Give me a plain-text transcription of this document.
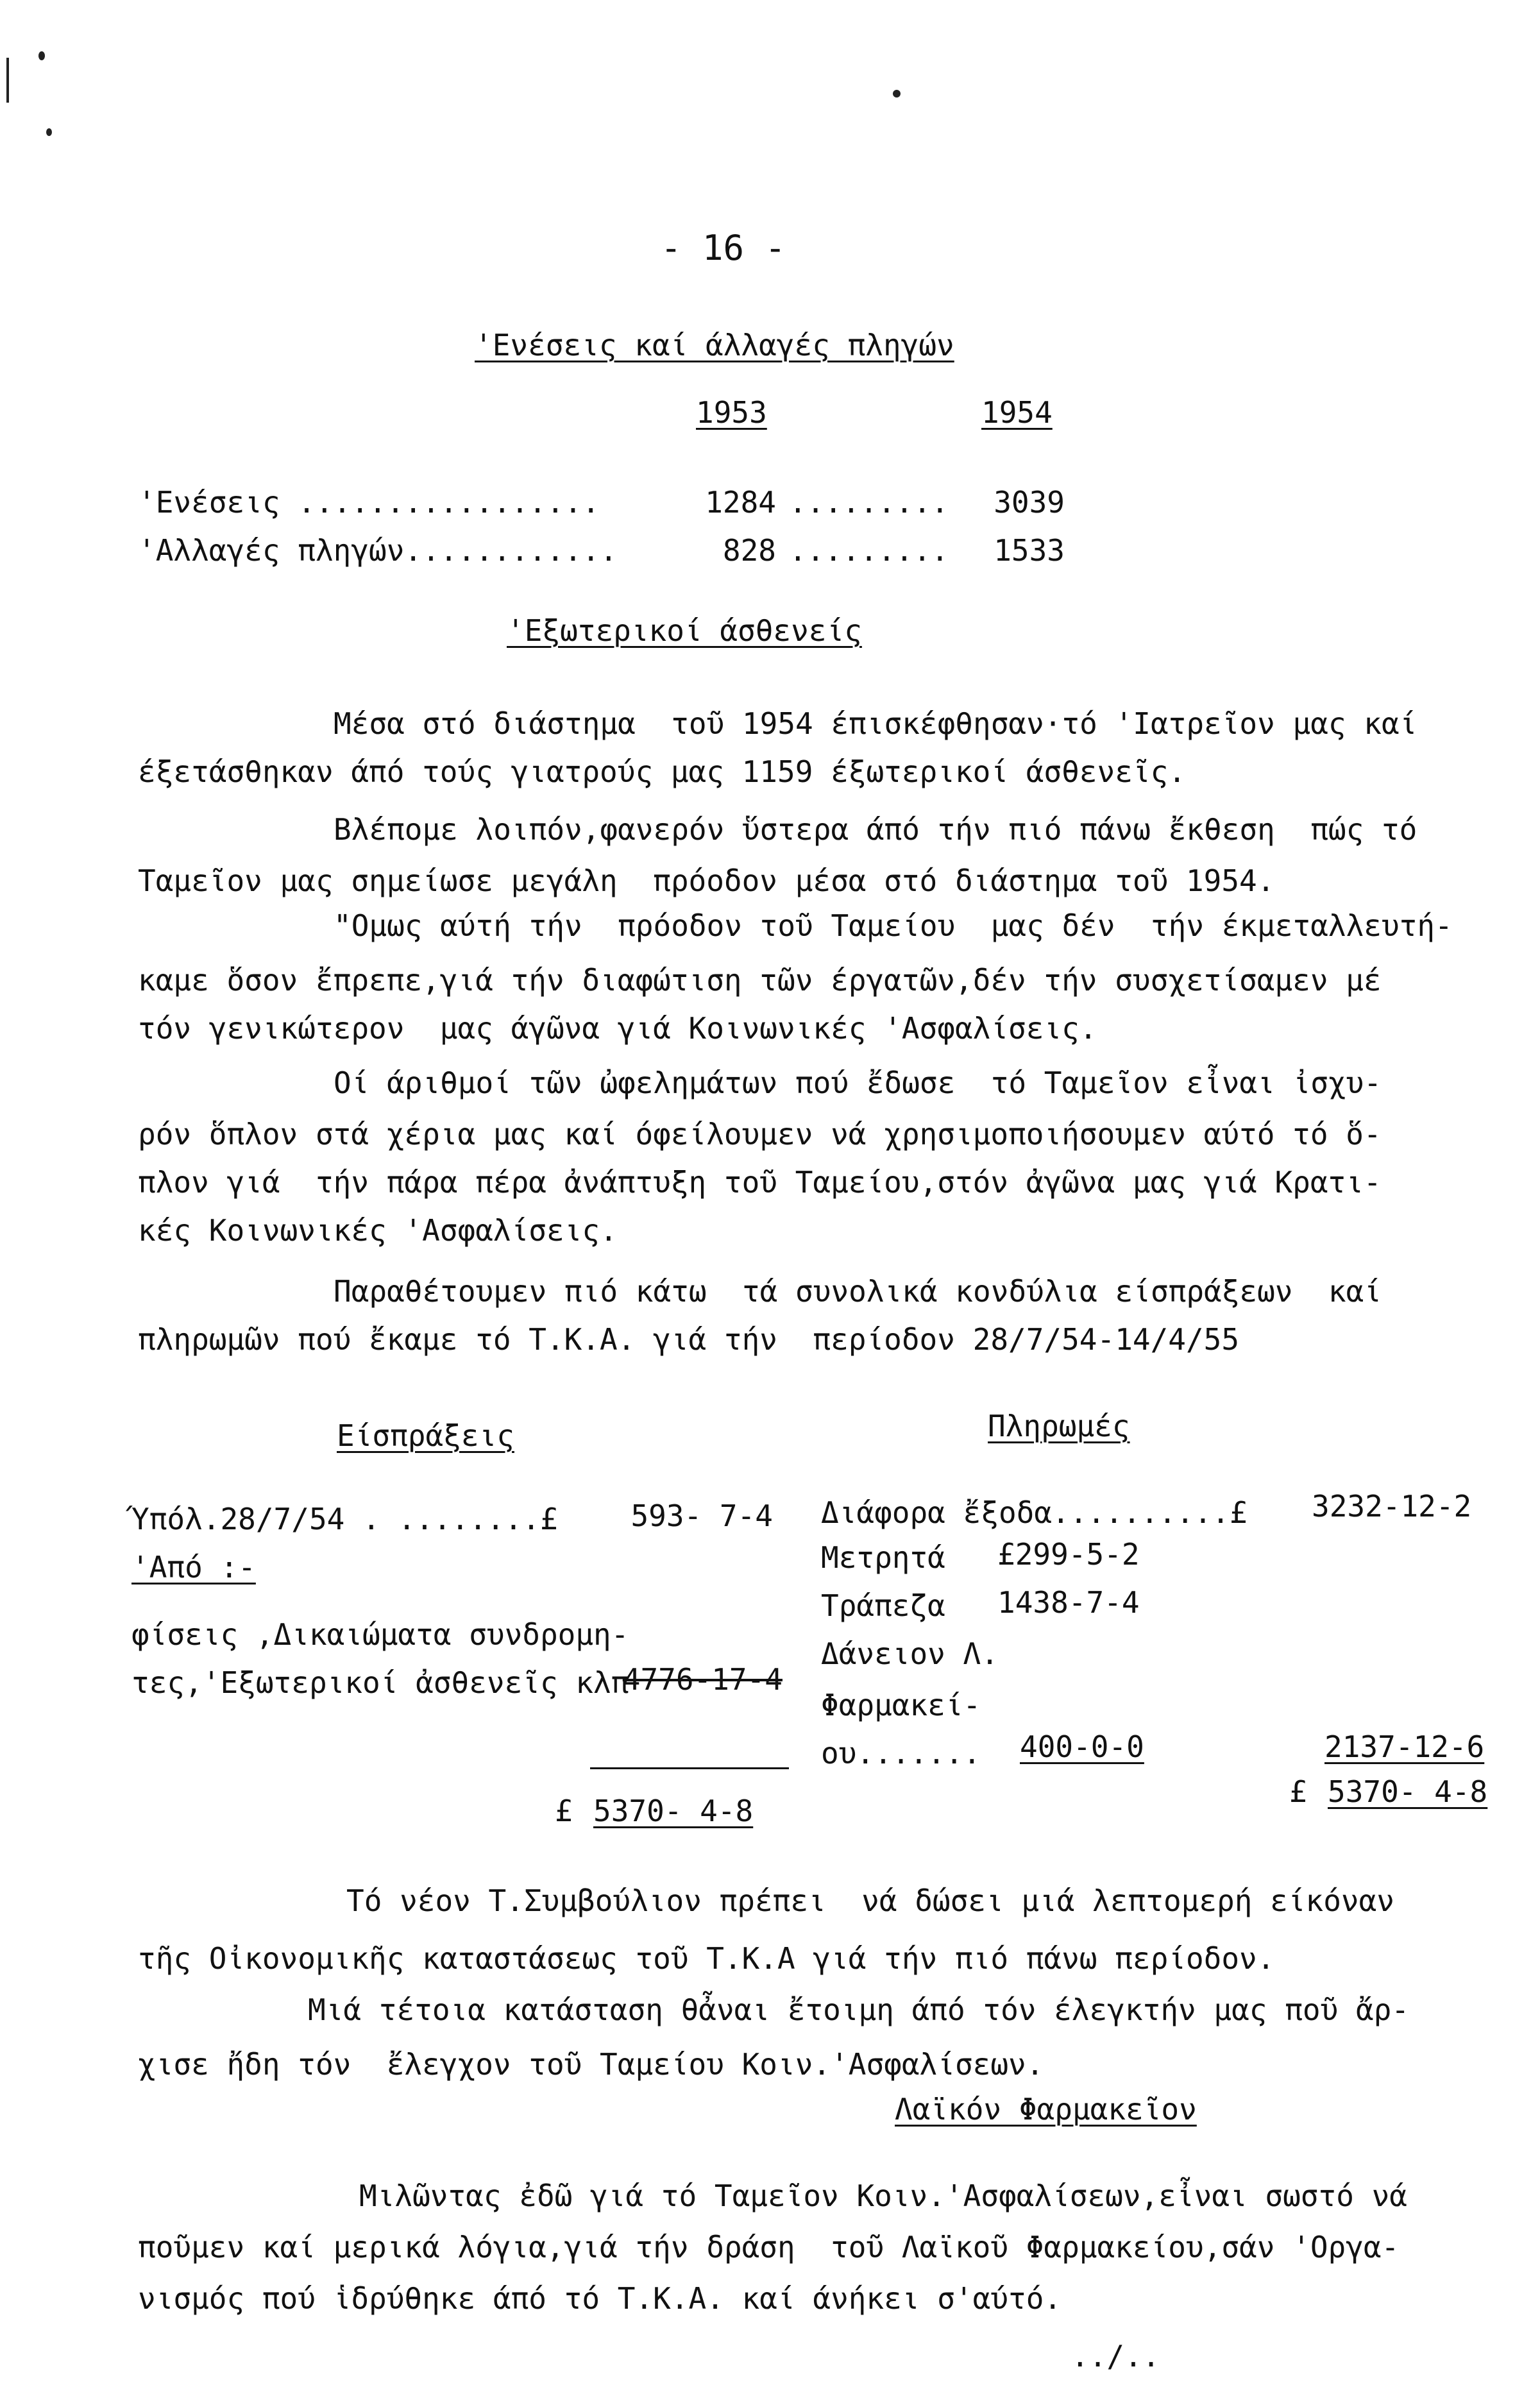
- 16 -
'Ενέσεις καί άλλαγές πληγών
1953	1954
'Ενέσεις .................	1284 .........	3039
'Αλλαγές πληγών............	828 .........	1533
'Εξωτερικοί άσθενείς
Μέσα στό διάστημα  τοῦ 1954 έπισκέφθησαν·τό 'Ιατρεῖον μας καί
έξετάσθηκαν άπό τούς γιατρούς μας 1159 έξωτερικοί άσθενεῖς.
Βλέπομε λοιπόν,φανερόν ὕστερα άπό τήν πιό πάνω ἔκθεση  πώς τό
Ταμεῖον μας σημείωσε μεγάλη  πρόοδον μέσα στό διάστημα τοῦ 1954.
"Ομως αύτή τήν  πρόοδον τοῦ Ταμείου  μας δέν  τήν έκμεταλλευτή-
καμε ὅσον ἔπρεπε,γιά τήν διαφώτιση τῶν έργατῶν,δέν τήν συσχετίσαμεν μέ
τόν γενικώτερον  μας άγῶνα γιά Κοινωνικές 'Ασφαλίσεις.
Οί άριθμοί τῶν ὠφελημάτων πού ἔδωσε  τό Ταμεῖον εἶναι ἰσχυ-
ρόν ὅπλον στά χέρια μας καί όφείλουμεν νά χρησιμοποιήσουμεν αύτό τό ὅ-
πλον γιά  τήν πάρα πέρα ἀνάπτυξη τοῦ Ταμείου,στόν ἀγῶνα μας γιά Κρατι-
κές Κοινωνικές 'Ασφαλίσεις.
Παραθέτουμεν πιό κάτω  τά συνολικά κονδύλια είσπράξεων  καί
πληρωμῶν πού ἔκαμε τό Τ.Κ.Α. γιά τήν  περίοδον 28/7/54-14/4/55
Είσπράξεις	Πληρωμές
Ύπόλ.28/7/54 . ........£	593- 7-4
'Από :-
φίσεις ,Δικαιώματα συνδρομη-
τες,'Εξωτερικοί ἀσθενεῖς κλπ
4776-17-4
£ 5370- 4-8
Διάφορα ἔξοδα..........£ 3232-12-2
Μετρητά £299-5-2
Τράπεζα 1438-7-4
Δάνειον Λ.
Φαρμακεί-
ου....... 400-0-0	2137-12-6
£ 5370- 4-8
Τό νέον Τ.Συμβούλιον πρέπει  νά δώσει μιά λεπτομερή είκόναν
τῆς Οἰκονομικῆς καταστάσεως τοῦ Τ.Κ.Α γιά τήν πιό πάνω περίοδον.
Μιά τέτοια κατάσταση θἆναι ἔτοιμη άπό τόν έλεγκτήν μας ποῦ ἄρ-
χισε ἤδη τόν  ἔλεγχον τοῦ Ταμείου Κοιν.'Ασφαλίσεων.
Λαϊκόν Φαρμακεῖον
Μιλῶντας ἐδῶ γιά τό Ταμεῖον Κοιν.'Ασφαλίσεων,εἶναι σωστό νά
ποῦμεν καί μερικά λόγια,γιά τήν δράση  τοῦ Λαϊκοῦ Φαρμακείου,σάν 'Οργα-
νισμός πού ἱδρύθηκε άπό τό Τ.Κ.Α. καί άνήκει σ'αύτό.
../..
